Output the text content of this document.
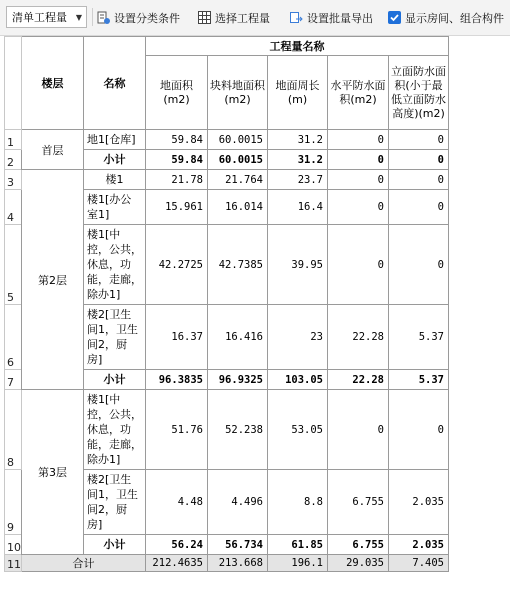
清单工程量	▼	设置分类条件	选择工程量	设置批量导出	显示房间、组合构件
	楼层	名称	工程量名称				
			地面积(m2)	块料地面积(m2)	地面周长(m)	水平防水面积(m2)	立面防水面积(小于最低立面防水高度)(m2)
1	首层	地1[仓库]	59.84	60.0015	31.2	0	0
2		小计	59.84	60.0015	31.2	0	0
3	第2层	楼1	21.78	21.764	23.7	0	0
4		楼1[办公室1]	15.961	16.014	16.4	0	0
5		楼1[中控，公共，休息，功能，走廊，除办1]	42.2725	42.7385	39.95	0	0
6		楼2[卫生间1，卫生间2，厨房]	16.37	16.416	23	22.28	5.37
7		小计	96.3835	96.9325	103.05	22.28	5.37
8	第3层	楼1[中控，公共，休息，功能，走廊，除办1]	51.76	52.238	53.05	0	0
9		楼2[卫生间1，卫生间2，厨房]	4.48	4.496	8.8	6.755	2.035
10		小计	56.24	56.734	61.85	6.755	2.035
11	合计		212.4635	213.668	196.1	29.035	7.405
